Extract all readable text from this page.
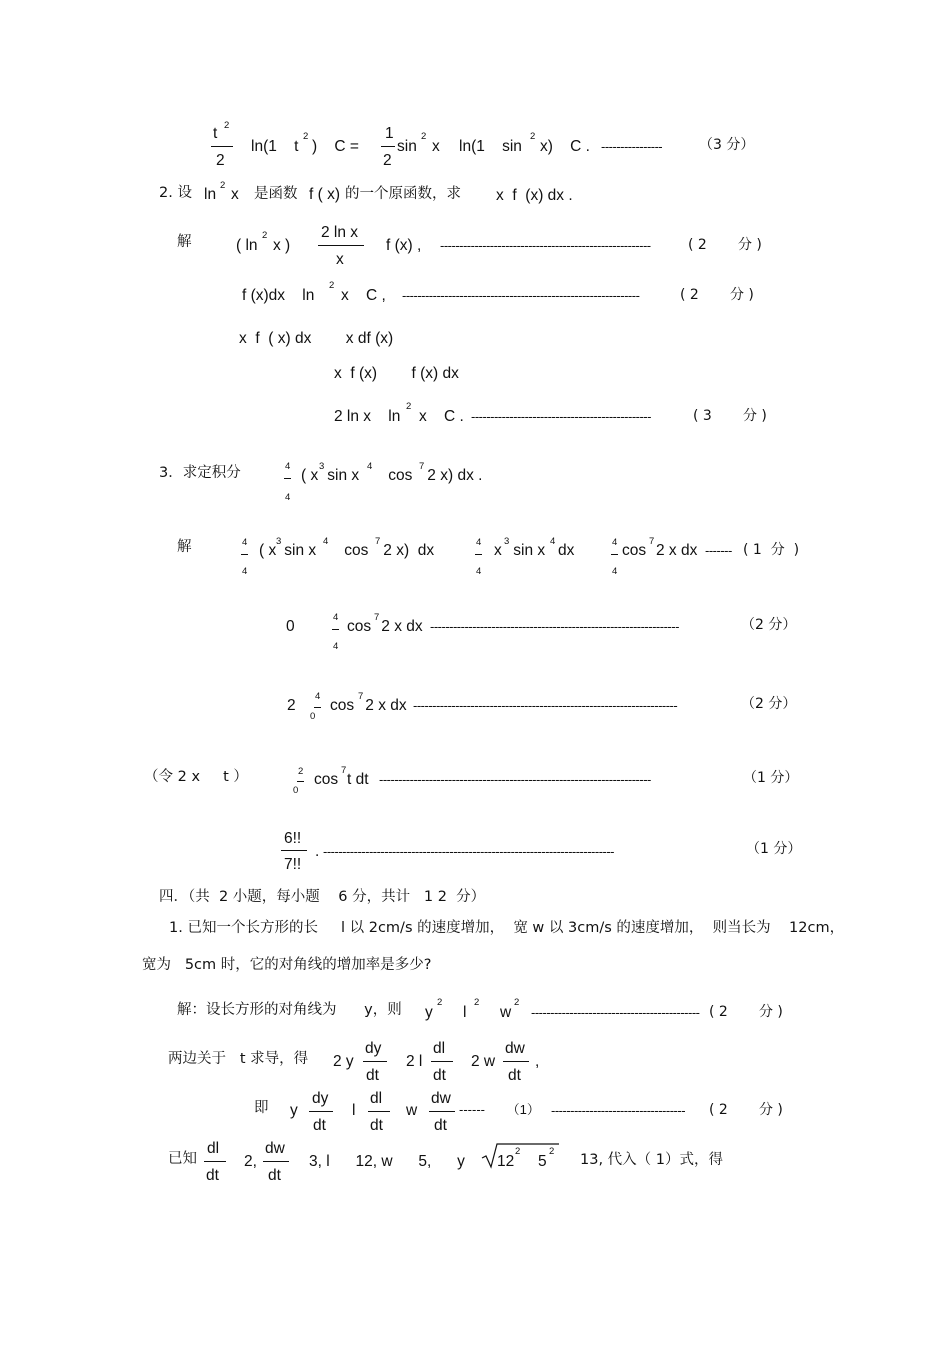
t 2
2
ln(1    t
2
)    C =
1
2
sin
2
x ln(1    sin
2
x)    C . ----------------	（3 分）
2. 设 ln
2
x 是函数 f ( x) 的一个原函数，求 x  f  (x) dx .
解	( ln
2
x )
2 ln x
x
f (x) , -------------------------------------------------------	( 2       分 )
f (x)dx    ln
2
x    C , --------------------------------------------------------------	( 2       分 )
x  f  ( x) dx        x df (x)
x  f (x)        f (x) dx
2 ln x    ln
2
x    C . -----------------------------------------------	( 3       分 )
3．求定积分	4
4
( x
3
sin x
4
cos
7
2 x) dx .
解	4
4
( x
3
sin x
4
cos
7
2 x)  dx	4
4
x
3
sin x
4
dx	4
4
cos
7
2 x dx ------- ( 1  分  )
0
4
4
cos
7
2 x dx -----------------------------------------------------------------	（2 分）
2
4
0
cos
7
2 x dx ---------------------------------------------------------------------	（2 分）
（令 2 x     t ）	2
0
cos
7
t dt -----------------------------------------------------------------------	（1 分）
6!!
7!!
. ----------------------------------------------------------------------------	（1 分）
四．（共  2 小题，每小题    6 分，共计   1 2  分）
1. 已知一个长方形的长     l 以 2cm/s 的速度增加，  宽 w 以 3cm/s 的速度增加，  则当长为    12cm，
宽为   5cm 时，它的对角线的增加率是多少?
解：设长方形的对角线为      y，则 y
2
l
2
w
2
-------------------------------------------- ( 2       分 )
两边关于   t 求导，得 2 y
dy
dt
2 l
dl
dt
2 w
dw
dt
,
即 y
dy
dt
l
dl
dt
w
dw
dt
------      （1） -----------------------------------	( 2       分 )
已知
dl
dt
2,
dw
dt
3, l      12, w      5,      y 12
2
5
2
13, 代入（ 1）式，得
